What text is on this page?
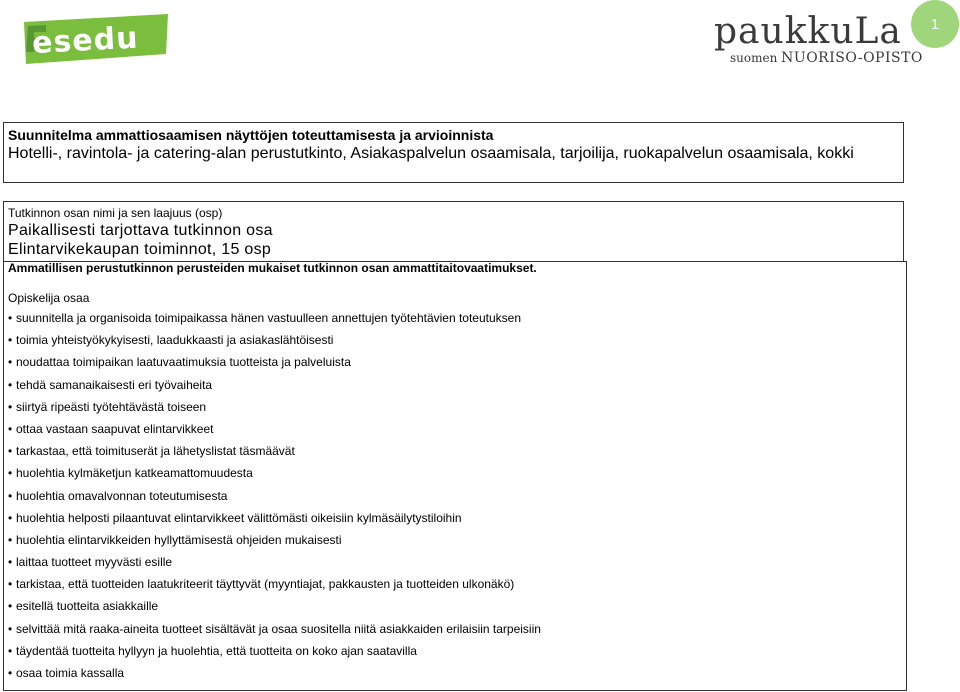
esedu	paukkuLa
suomen NUORISO-OPISTO
1
Suunnitelma ammattiosaamisen näyttöjen toteuttamisesta ja arvioinnista
Hotelli-, ravintola- ja catering-alan perustutkinto, Asiakaspalvelun osaamisala, tarjoilija, ruokapalvelun osaamisala, kokki
Tutkinnon osan nimi ja sen laajuus (osp)
Paikallisesti tarjottava tutkinnon osa
Elintarvikekaupan toiminnot, 15 osp
Ammatillisen perustutkinnon perusteiden mukaiset tutkinnon osan ammattitaitovaatimukset.
Opiskelija osaa
• suunnitella ja organisoida toimipaikassa hänen vastuulleen annettujen työtehtävien toteutuksen
• toimia yhteistyökykyisesti, laadukkaasti ja asiakaslähtöisesti
• noudattaa toimipaikan laatuvaatimuksia tuotteista ja palveluista
• tehdä samanaikaisesti eri työvaiheita
• siirtyä ripeästi työtehtävästä toiseen
• ottaa vastaan saapuvat elintarvikkeet
• tarkastaa, että toimituserät ja lähetyslistat täsmäävät
• huolehtia kylmäketjun katkeamattomuudesta
• huolehtia omavalvonnan toteutumisesta
• huolehtia helposti pilaantuvat elintarvikkeet välittömästi oikeisiin kylmäsäilytystiloihin
• huolehtia elintarvikkeiden hyllyttämisestä ohjeiden mukaisesti
• laittaa tuotteet myyvästi esille
• tarkistaa, että tuotteiden laatukriteerit täyttyvät (myyntiajat, pakkausten ja tuotteiden ulkonäkö)
• esitellä tuotteita asiakkaille
• selvittää mitä raaka-aineita tuotteet sisältävät ja osaa suositella niitä asiakkaiden erilaisiin tarpeisiin
• täydentää tuotteita hyllyyn ja huolehtia, että tuotteita on koko ajan saatavilla
• osaa toimia kassalla
